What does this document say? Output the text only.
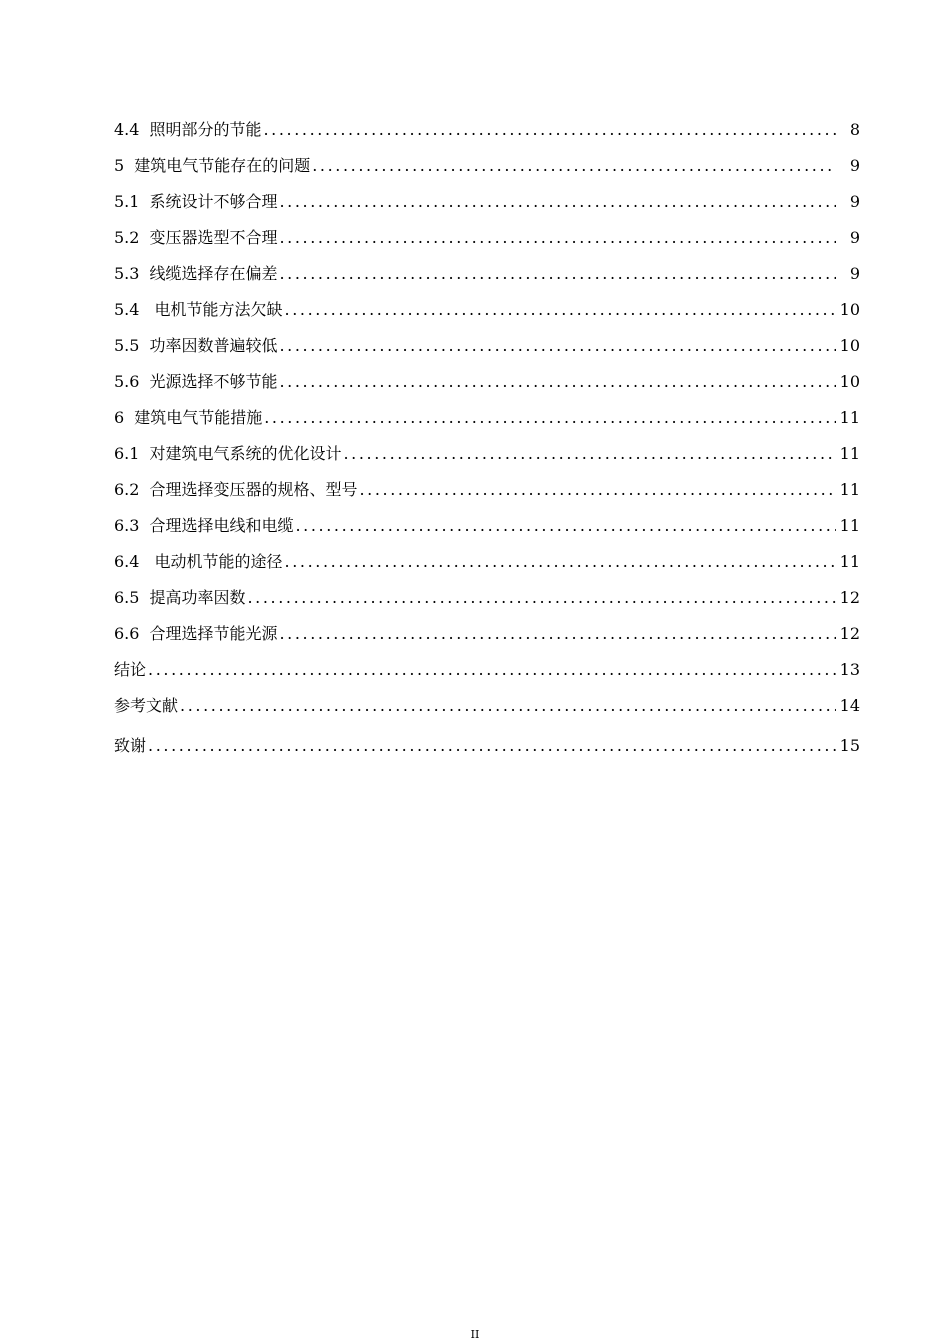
4.4 照明部分的节能 .....	8
5 建筑电气节能存在的问题 .....	9
5.1 系统设计不够合理 .....	9
5.2 变压器选型不合理 .....	9
5.3 线缆选择存在偏差 .....	9
5.4 电机节能方法欠缺 .....	10
5.5 功率因数普遍较低 .....	10
5.6 光源选择不够节能 .....	10
6 建筑电气节能措施 .....	11
6.1 对建筑电气系统的优化设计 .....	11
6.2 合理选择变压器的规格、型号 .....	11
6.3 合理选择电线和电缆 .....	11
6.4 电动机节能的途径 .....	11
6.5 提高功率因数 .....	12
6.6 合理选择节能光源 .....	12
结论 .....	13
参考文献 .....	14
致谢 .....	15
II
